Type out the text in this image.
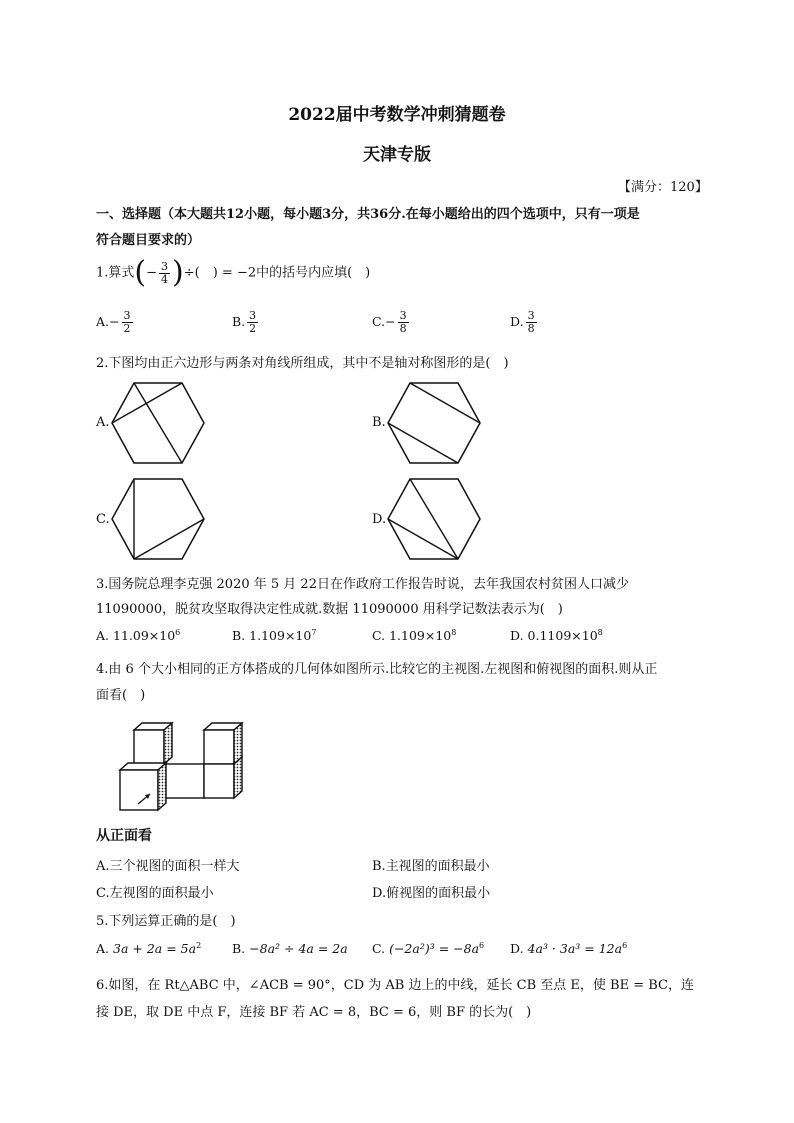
2022届中考数学冲刺猜题卷
天津专版
【满分：120】
一、选择题（本大题共12小题，每小题3分，共36分.在每小题给出的四个选项中，只有一项是
符合题目要求的）
1.算式(− $\frac{3}{4}$ )÷(　) = −2中的括号内应填(　)
$A.- \frac{3}{2}$	B. $\frac{3}{2}$	$C.- \frac{3}{8}$	D. $\frac{3}{8}$
2.下图均由正六边形与两条对角线所组成，其中不是轴对称图形的是(　)
A.	B.
C.	D.
3.国务院总理李克强 2020 年 5 月 22日在作政府工作报告时说，去年我国农村贫困人口减少
11090000，脱贫攻坚取得决定性成就.数据 11090000 用科学记数法表示为(　)
A. $11.09\times 10^6$	B. $1.109\times 10^7$	C. $1.109\times 10^8$	D. $0.1109\times 10^8$
4.由 6 个大小相同的正方体搭成的几何体如图所示.比较它的主视图.左视图和俯视图的面积.则从正
面看(　)
从正面看
A.三个视图的面积一样大	B.主视图的面积最小
C.左视图的面积最小	D.俯视图的面积最小
5.下列运算正确的是(　)
A. $3a + 2a = 5a^2$ B. −8a² ÷ 4a = 2a C. $(-2a^2)^3 = -8a^6$ D. $4a^3 \cdot 3a^3 = 12a^6$
6.如图，在 Rt△ABC 中，∠ACB = 90°，CD 为 AB 边上的中线，延长 CB 至点 E，使 BE = BC，连
接 DE，取 DE 中点 F，连接 BF 若 AC = 8，BC = 6，则 BF 的长为(　)
